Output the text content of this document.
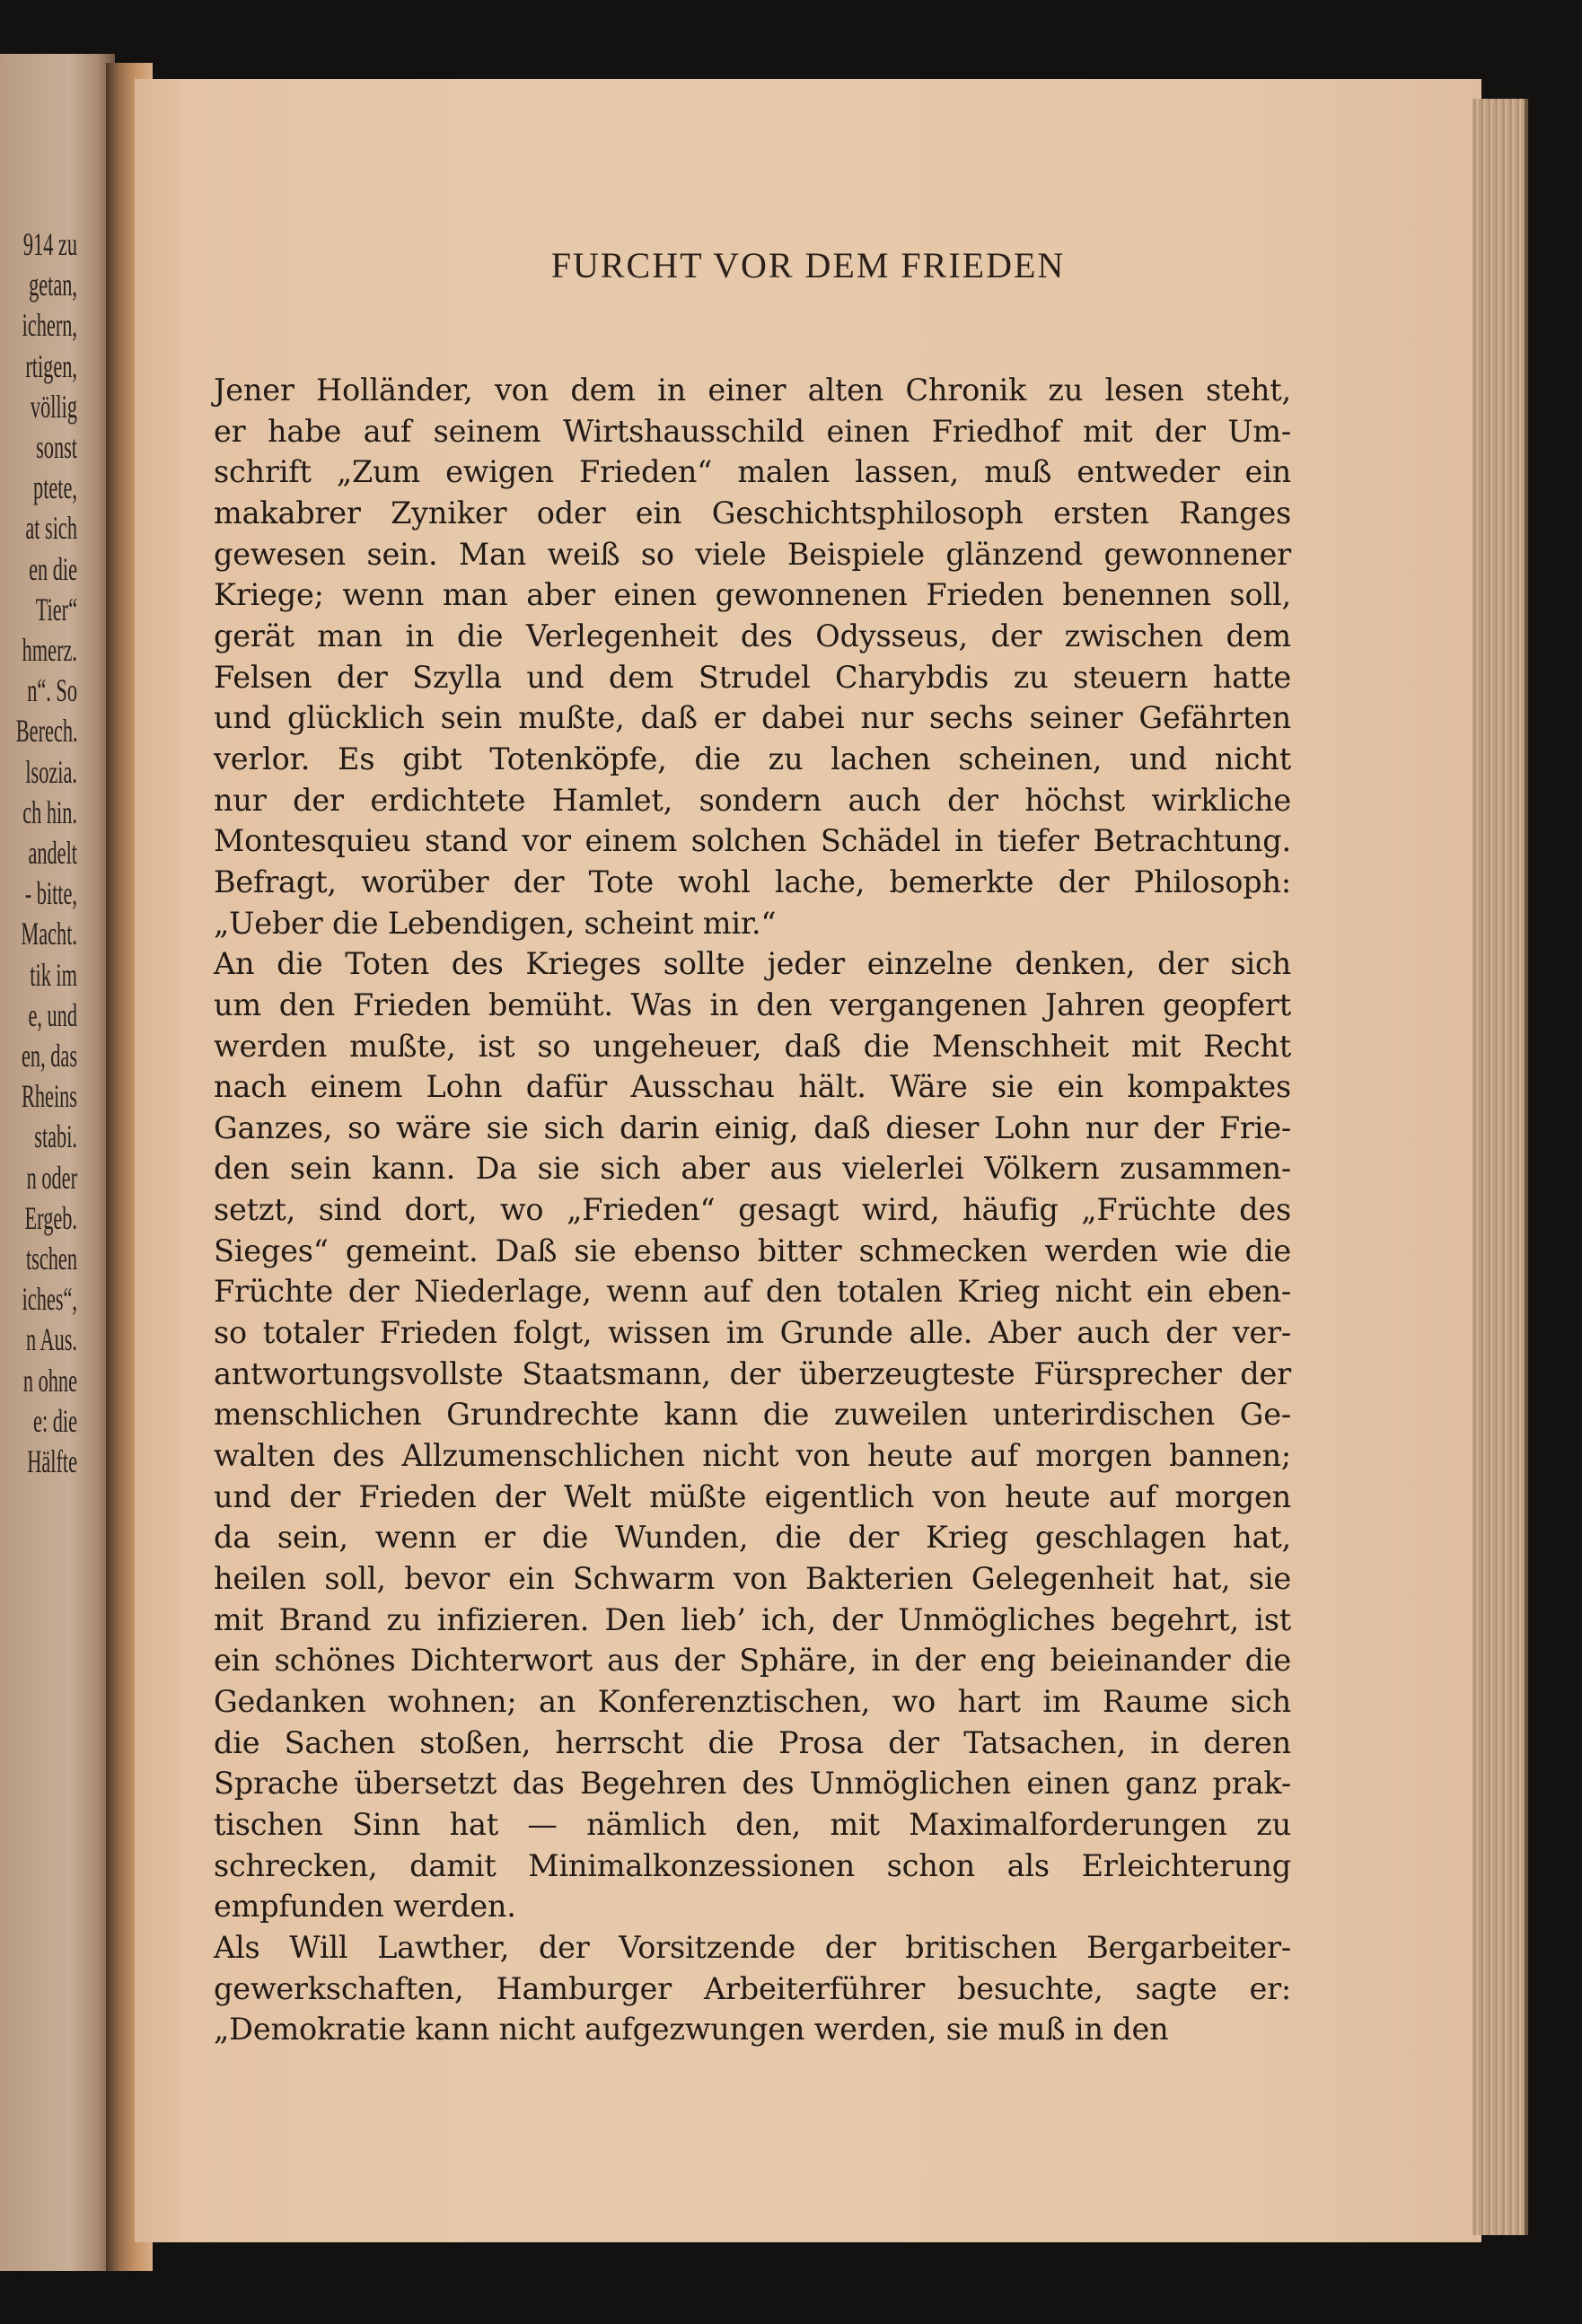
914 zu
getan,
ichern,
rtigen,
völlig
sonst
ptete,
at sich
en die
Tier“
hmerz.
n“. So
Berech.
lsozia.
ch hin.
andelt
- bitte,
Macht.
tik im
e, und
en, das
Rheins
stabi.
n oder
Ergeb.
tschen
iches“,
n Aus.
n ohne
e: die
Hälfte
FURCHT VOR DEM FRIEDEN
Jener Holländer, von dem in einer alten Chronik zu lesen steht,
er habe auf seinem Wirtshausschild einen Friedhof mit der Um-
schrift „Zum ewigen Frieden“ malen lassen, muß entweder ein
makabrer Zyniker oder ein Geschichtsphilosoph ersten Ranges
gewesen sein. Man weiß so viele Beispiele glänzend gewonnener
Kriege; wenn man aber einen gewonnenen Frieden benennen soll,
gerät man in die Verlegenheit des Odysseus, der zwischen dem
Felsen der Szylla und dem Strudel Charybdis zu steuern hatte
und glücklich sein mußte, daß er dabei nur sechs seiner Gefährten
verlor. Es gibt Totenköpfe, die zu lachen scheinen, und nicht
nur der erdichtete Hamlet, sondern auch der höchst wirkliche
Montesquieu stand vor einem solchen Schädel in tiefer Betrachtung.
Befragt, worüber der Tote wohl lache, bemerkte der Philosoph:
„Ueber die Lebendigen, scheint mir.“
An die Toten des Krieges sollte jeder einzelne denken, der sich
um den Frieden bemüht. Was in den vergangenen Jahren geopfert
werden mußte, ist so ungeheuer, daß die Menschheit mit Recht
nach einem Lohn dafür Ausschau hält. Wäre sie ein kompaktes
Ganzes, so wäre sie sich darin einig, daß dieser Lohn nur der Frie-
den sein kann. Da sie sich aber aus vielerlei Völkern zusammen-
setzt, sind dort, wo „Frieden“ gesagt wird, häufig „Früchte des
Sieges“ gemeint. Daß sie ebenso bitter schmecken werden wie die
Früchte der Niederlage, wenn auf den totalen Krieg nicht ein eben-
so totaler Frieden folgt, wissen im Grunde alle. Aber auch der ver-
antwortungsvollste Staatsmann, der überzeugteste Fürsprecher der
menschlichen Grundrechte kann die zuweilen unterirdischen Ge-
walten des Allzumenschlichen nicht von heute auf morgen bannen;
und der Frieden der Welt müßte eigentlich von heute auf morgen
da sein, wenn er die Wunden, die der Krieg geschlagen hat,
heilen soll, bevor ein Schwarm von Bakterien Gelegenheit hat, sie
mit Brand zu infizieren. Den lieb’ ich, der Unmögliches begehrt, ist
ein schönes Dichterwort aus der Sphäre, in der eng beieinander die
Gedanken wohnen; an Konferenztischen, wo hart im Raume sich
die Sachen stoßen, herrscht die Prosa der Tatsachen, in deren
Sprache übersetzt das Begehren des Unmöglichen einen ganz prak-
tischen Sinn hat — nämlich den, mit Maximalforderungen zu
schrecken, damit Minimalkonzessionen schon als Erleichterung
empfunden werden.
Als Will Lawther, der Vorsitzende der britischen Bergarbeiter-
gewerkschaften, Hamburger Arbeiterführer besuchte, sagte er:
„Demokratie kann nicht aufgezwungen werden, sie muß in den
